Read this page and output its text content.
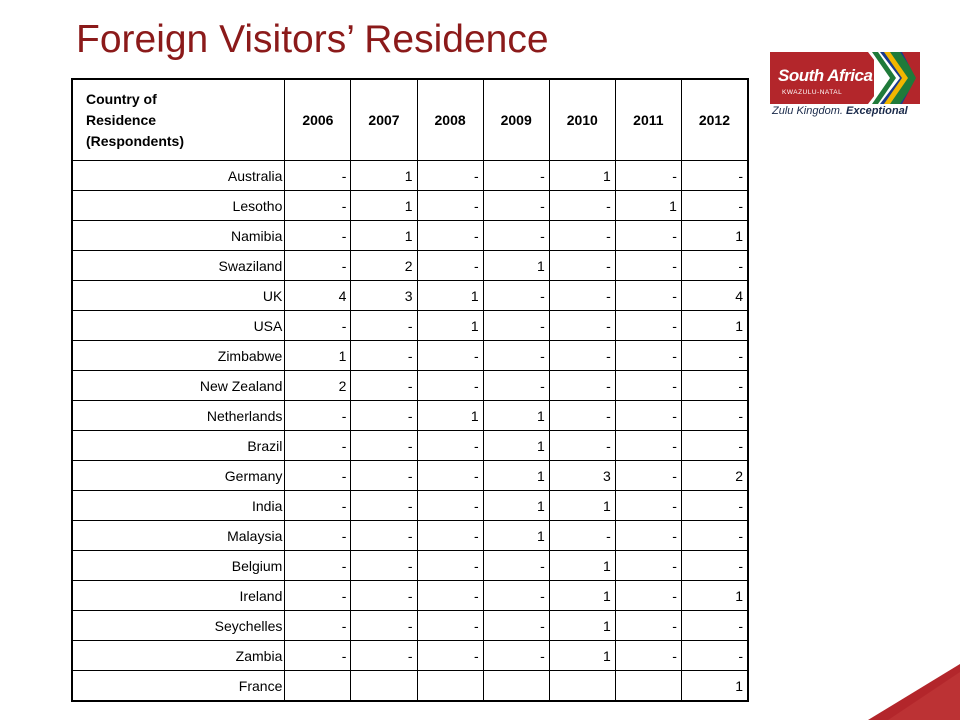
Foreign Visitors’ Residence
South Africa
KWAZULU-NATAL
Zulu Kingdom. Exceptional
Country of
Residence
(Respondents)	2006	2007	2008	2009	2010	2011	2012
Australia	-	1	-	-	1	-	-
Lesotho	-	1	-	-	-	1	-
Namibia	-	1	-	-	-	-	1
Swaziland	-	2	-	1	-	-	-
UK	4	3	1	-	-	-	4
USA	-	-	1	-	-	-	1
Zimbabwe	1	-	-	-	-	-	-
New Zealand	2	-	-	-	-	-	-
Netherlands	-	-	1	1	-	-	-
Brazil	-	-	-	1	-	-	-
Germany	-	-	-	1	3	-	2
India	-	-	-	1	1	-	-
Malaysia	-	-	-	1	-	-	-
Belgium	-	-	-	-	1	-	-
Ireland	-	-	-	-	1	-	1
Seychelles	-	-	-	-	1	-	-
Zambia	-	-	-	-	1	-	-
France							1
